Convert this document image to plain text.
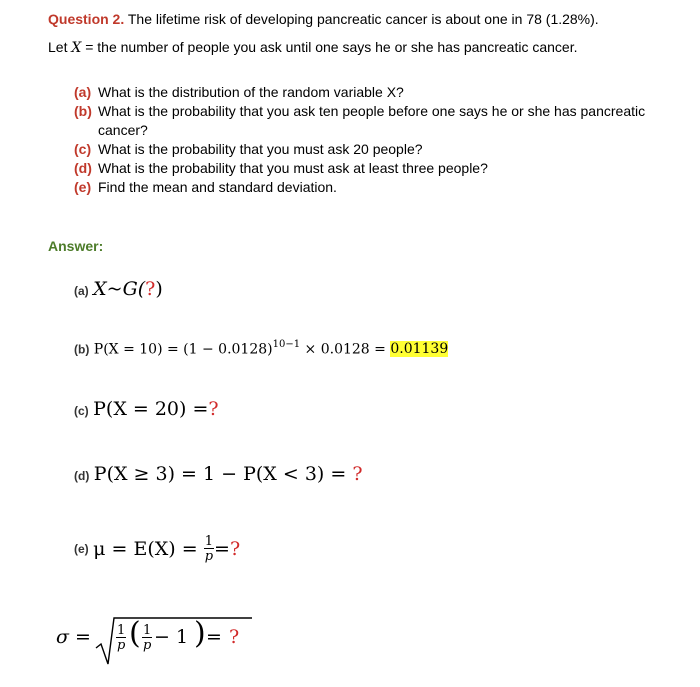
Question 2. The lifetime risk of developing pancreatic cancer is about one in 78 (1.28%).
Let X = the number of people you ask until one says he or she has pancreatic cancer.
(a) What is the distribution of the random variable X?
(b) What is the probability that you ask ten people before one says he or she has pancreatic cancer?
(c) What is the probability that you must ask 20 people?
(d) What is the probability that you must ask at least three people?
(e) Find the mean and standard deviation.
Answer:
(a) X~G(?)
(b) $P(X = 10) = (1 - 0.0128)^{10-1} \times 0.0128 = 0.01139$
(c) P(X = 20) =?
(d) P(X ≥ 3) = 1 − P(X < 3) = ?
(e) $\mu = E(X) = \frac{1}{p}$ =?
$\sigma = \frac{1}{p}$ ( $\frac{1}{p} - 1$ ) = ?
